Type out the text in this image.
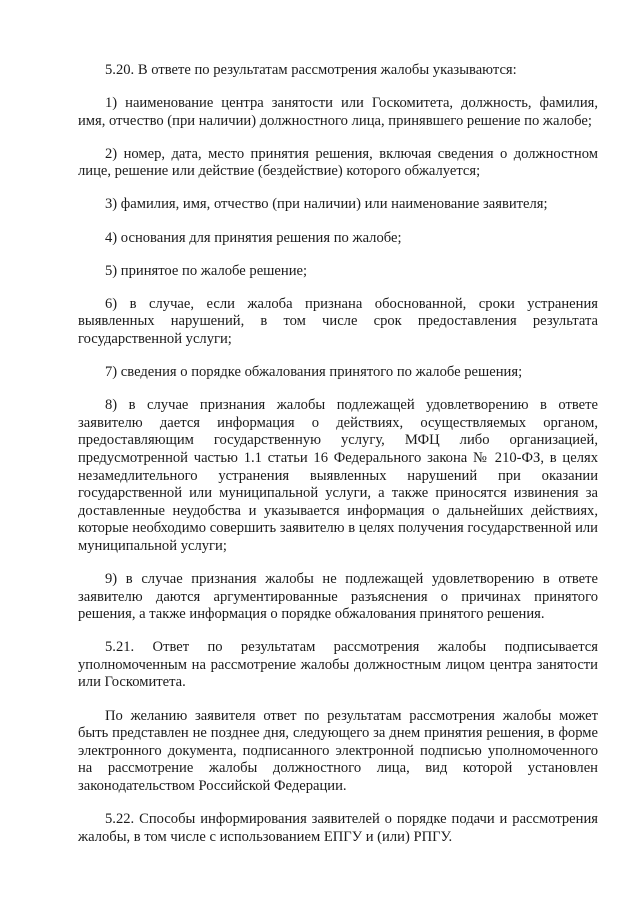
5.20. В ответе по результатам рассмотрения жалобы указываются:

1) наименование центра занятости или Госкомитета, должность, фамилия, имя, отчество (при наличии) должностного лица, принявшего решение по жалобе;

2) номер, дата, место принятия решения, включая сведения о должностном лице, решение или действие (бездействие) которого обжалуется;

3) фамилия, имя, отчество (при наличии) или наименование заявителя;

4) основания для принятия решения по жалобе;

5) принятое по жалобе решение;

6) в случае, если жалоба признана обоснованной, сроки устранения выявленных нарушений, в том числе срок предоставления результата государственной услуги;

7) сведения о порядке обжалования принятого по жалобе решения;

8) в случае признания жалобы подлежащей удовлетворению в ответе заявителю дается информация о действиях, осуществляемых органом, предоставляющим государственную услугу, МФЦ либо организацией, предусмотренной частью 1.1 статьи 16 Федерального закона № 210-ФЗ, в целях незамедлительного устранения выявленных нарушений при оказании государственной или муниципальной услуги, а также приносятся извинения за доставленные неудобства и указывается информация о дальнейших действиях, которые необходимо совершить заявителю в целях получения государственной или муниципальной услуги;

9) в случае признания жалобы не подлежащей удовлетворению в ответе заявителю даются аргументированные разъяснения о причинах принятого решения, а также информация о порядке обжалования принятого решения.

5.21. Ответ по результатам рассмотрения жалобы подписывается уполномоченным на рассмотрение жалобы должностным лицом центра занятости или Госкомитета.

По желанию заявителя ответ по результатам рассмотрения жалобы может быть представлен не позднее дня, следующего за днем принятия решения, в форме электронного документа, подписанного электронной подписью уполномоченного на рассмотрение жалобы должностного лица, вид которой установлен законодательством Российской Федерации.

5.22. Способы информирования заявителей о порядке подачи и рассмотрения жалобы, в том числе с использованием ЕПГУ и (или) РПГУ.
